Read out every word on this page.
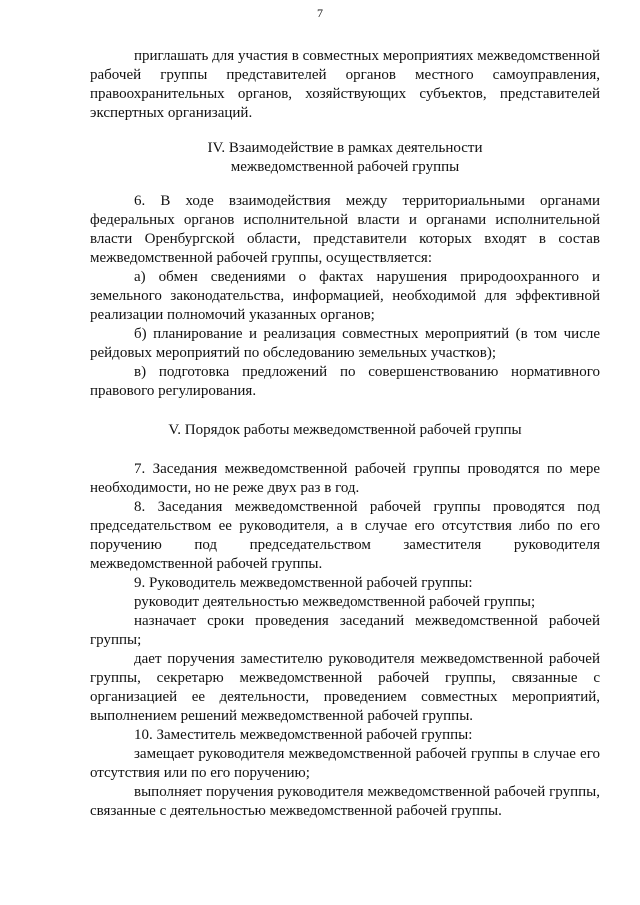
7

приглашать для участия в совместных мероприятиях межведомственной рабочей группы представителей органов местного самоуправления, правоохранительных органов, хозяйствующих субъектов, представителей экспертных организаций.

IV. Взаимодействие в рамках деятельности

межведомственной рабочей группы

6. В ходе взаимодействия между территориальными органами федеральных органов исполнительной власти и органами исполнительной власти Оренбургской области, представители которых входят в состав межведомственной рабочей группы, осуществляется:

а) обмен сведениями о фактах нарушения природоохранного и земельного законодательства, информацией, необходимой для эффективной реализации полномочий указанных органов;

б) планирование и реализация совместных мероприятий (в том числе рейдовых мероприятий по обследованию земельных участков);

в) подготовка предложений по совершенствованию нормативного правового регулирования.

V. Порядок работы межведомственной рабочей группы

7. Заседания межведомственной рабочей группы проводятся по мере необходимости, но не реже двух раз в год.

8. Заседания межведомственной рабочей группы проводятся под председательством ее руководителя, а в случае его отсутствия либо по его поручению под председательством заместителя руководителя межведомственной рабочей группы.

9. Руководитель межведомственной рабочей группы:

руководит деятельностью межведомственной рабочей группы;

назначает сроки проведения заседаний межведомственной рабочей группы;

дает поручения заместителю руководителя межведомственной рабочей группы, секретарю межведомственной рабочей группы, связанные с организацией ее деятельности, проведением совместных мероприятий, выполнением решений межведомственной рабочей группы.

10. Заместитель межведомственной рабочей группы:

замещает руководителя межведомственной рабочей группы в случае его отсутствия или по его поручению;

выполняет поручения руководителя межведомственной рабочей группы, связанные с деятельностью межведомственной рабочей группы.
